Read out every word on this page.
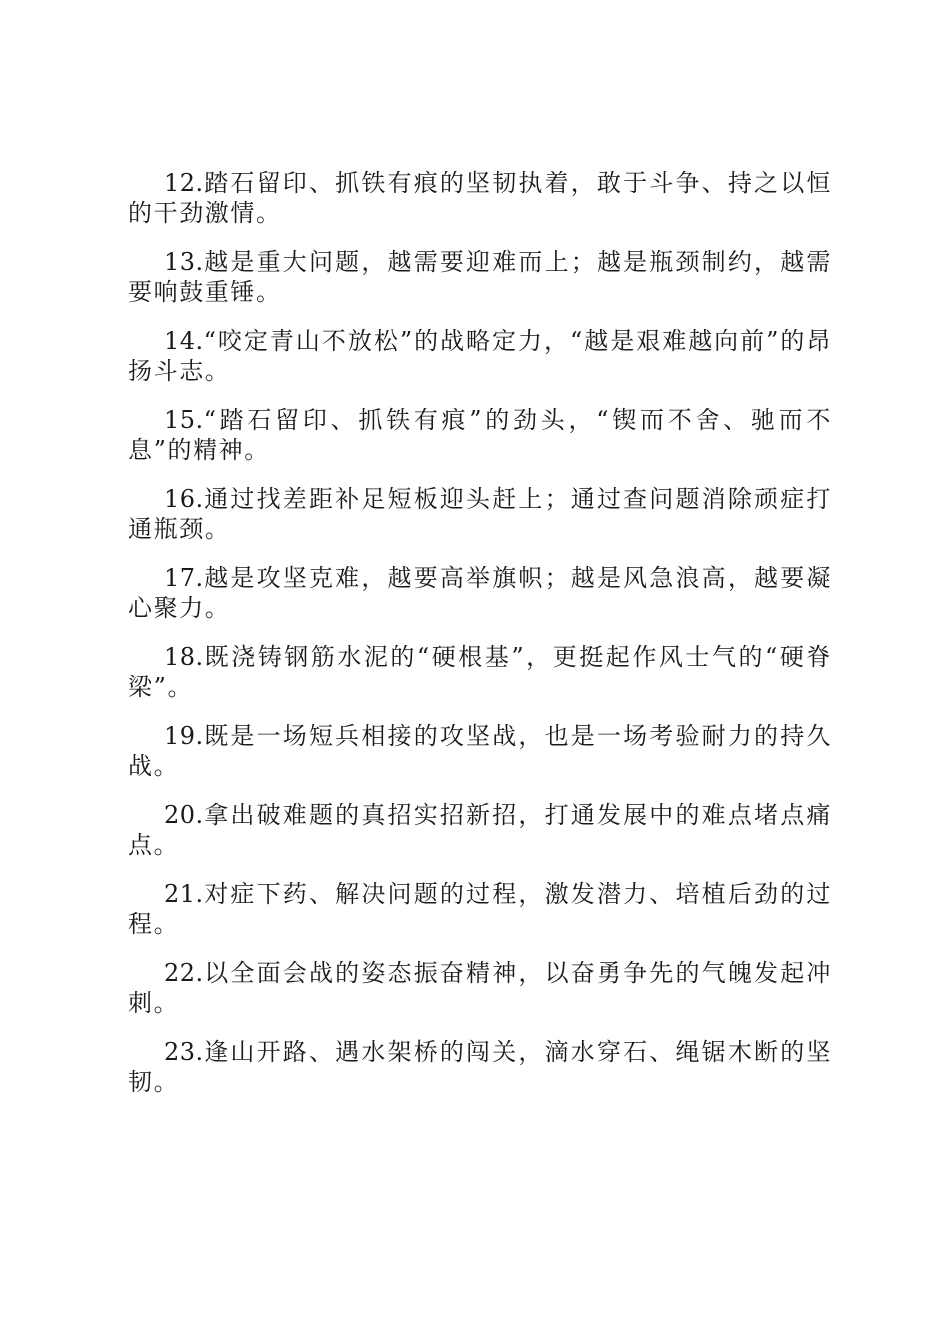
12.踏石留印、抓铁有痕的坚韧执着，敢于斗争、持之以恒的干劲激情。

13.越是重大问题，越需要迎难而上；越是瓶颈制约，越需要响鼓重锤。

14.“咬定青山不放松”的战略定力，“越是艰难越向前”的昂扬斗志。

15.“踏石留印、抓铁有痕”的劲头，“锲而不舍、驰而不息”的精神。

16.通过找差距补足短板迎头赶上；通过查问题消除顽症打通瓶颈。

17.越是攻坚克难，越要高举旗帜；越是风急浪高，越要凝心聚力。

18.既浇铸钢筋水泥的“硬根基”，更挺起作风士气的“硬脊梁”。

19.既是一场短兵相接的攻坚战，也是一场考验耐力的持久战。

20.拿出破难题的真招实招新招，打通发展中的难点堵点痛点。

21.对症下药、解决问题的过程，激发潜力、培植后劲的过程。

22.以全面会战的姿态振奋精神，以奋勇争先的气魄发起冲刺。

23.逢山开路、遇水架桥的闯关，滴水穿石、绳锯木断的坚韧。
